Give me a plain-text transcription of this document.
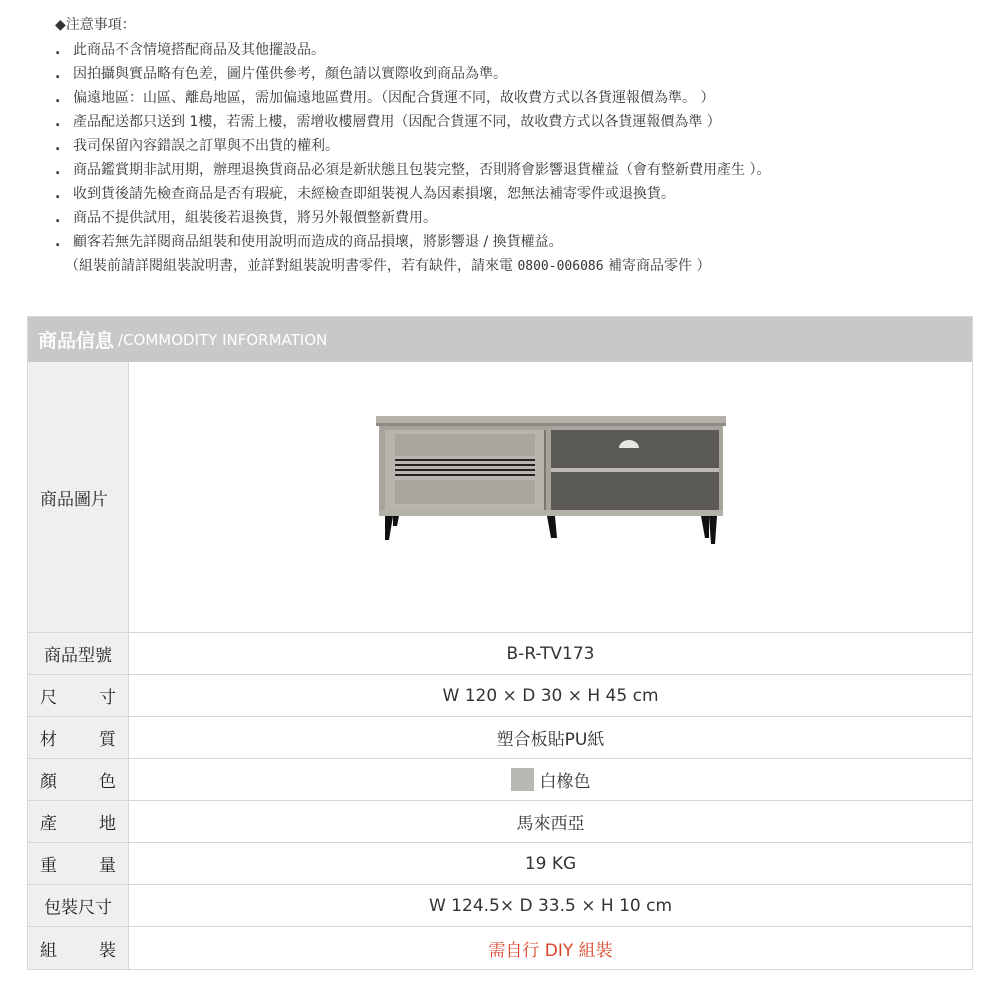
◆注意事項：
. 此商品不含情境搭配商品及其他擺設品。
. 因拍攝與實品略有色差，圖片僅供參考，顏色請以實際收到商品為準。
. 偏遠地區：山區、離島地區，需加偏遠地區費用。（因配合貨運不同，故收費方式以各貨運報價為準。 ）
. 產品配送都只送到 1樓，若需上樓，需增收樓層費用（因配合貨運不同，故收費方式以各貨運報價為準 ）
. 我司保留內容錯誤之訂單與不出貨的權利。
. 商品鑑賞期非試用期，辦理退換貨商品必須是新狀態且包裝完整，否則將會影響退貨權益（會有整新費用產生 ）。
. 收到貨後請先檢查商品是否有瑕疵，未經檢查即組裝視人為因素損壞，恕無法補寄零件或退換貨。
. 商品不提供試用，組裝後若退換貨，將另外報價整新費用。
. 顧客若無先詳閱商品組裝和使用說明而造成的商品損壞，將影響退 / 換貨權益。
（組裝前請詳閱組裝說明書，並詳對組裝說明書零件，若有缺件，請來電 0800-006086 補寄商品零件 ）
商品信息 /COMMODITY INFORMATION
商品圖片
商品型號	B-R-TV173
尺 寸	W 120 × D 30 × H 45 cm
材 質	塑合板貼PU紙
顏 色	白橡色
產 地	馬來西亞
重 量	19 KG
包裝尺寸	W 124.5× D 33.5 × H 10 cm
組 裝	需自行 DIY 組裝
